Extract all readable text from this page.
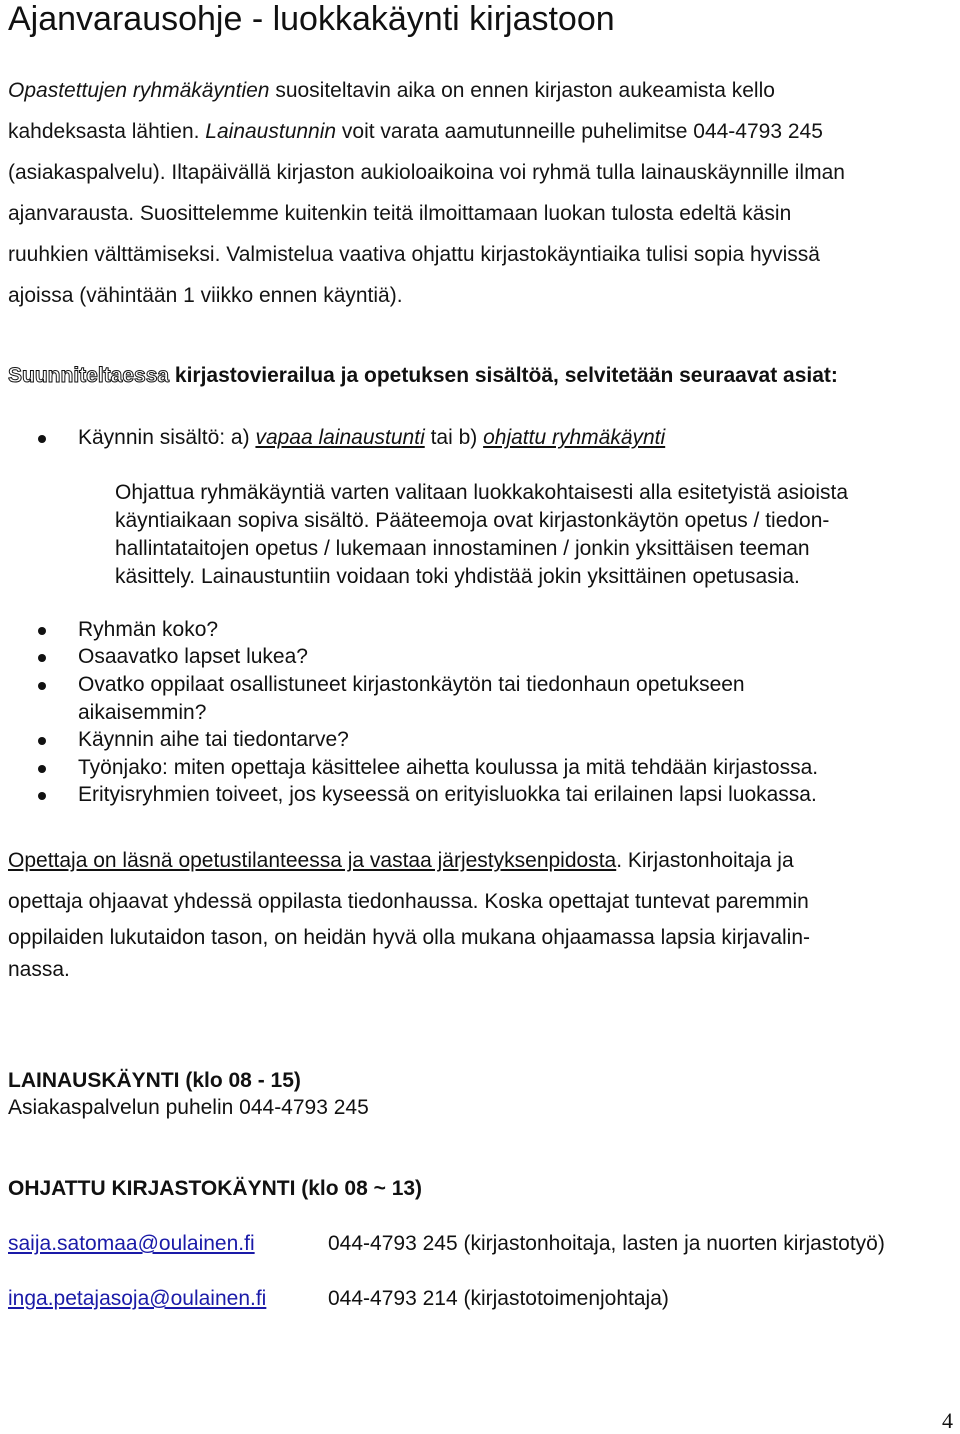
Ajanvarausohje - luokkakäynti kirjastoon
Opastettujen ryhmäkäyntien suositeltavin aika on ennen kirjaston aukeamista kello
kahdeksasta lähtien. Lainaustunnin voit varata aamutunneille puhelimitse 044-4793 245
(asiakaspalvelu). Iltapäivällä kirjaston aukioloaikoina voi ryhmä tulla lainauskäynnille ilman
ajanvarausta. Suosittelemme kuitenkin teitä ilmoittamaan luokan tulosta edeltä käsin
ruuhkien välttämiseksi. Valmistelua vaativa ohjattu kirjastokäyntiaika tulisi sopia hyvissä
ajoissa (vähintään 1 viikko ennen käyntiä).
Suunniteltaessa kirjastovierailua ja opetuksen sisältöä, selvitetään seuraavat asiat:
Käynnin sisältö: a) vapaa lainaustunti tai b) ohjattu ryhmäkäynti
Ohjattua ryhmäkäyntiä varten valitaan luokkakohtaisesti alla esitetyistä asioista
käyntiaikaan sopiva sisältö. Pääteemoja ovat kirjastonkäytön opetus / tiedon-
hallintataitojen opetus / lukemaan innostaminen / jonkin yksittäisen teeman
käsittely. Lainaustuntiin voidaan toki yhdistää jokin yksittäinen opetusasia.
Ryhmän koko?
Osaavatko lapset lukea?
Ovatko oppilaat osallistuneet kirjastonkäytön tai tiedonhaun opetukseen
aikaisemmin?
Käynnin aihe tai tiedontarve?
Työnjako: miten opettaja käsittelee aihetta koulussa ja mitä tehdään kirjastossa.
Erityisryhmien toiveet, jos kyseessä on erityisluokka tai erilainen lapsi luokassa.
Opettaja on läsnä opetustilanteessa ja vastaa järjestyksenpidosta. Kirjastonhoitaja ja
opettaja ohjaavat yhdessä oppilasta tiedonhaussa. Koska opettajat tuntevat paremmin
oppilaiden lukutaidon tason, on heidän hyvä olla mukana ohjaamassa lapsia kirjavalin-
nassa.
LAINAUSKÄYNTI (klo 08 - 15)
Asiakaspalvelun puhelin 044-4793 245
OHJATTU KIRJASTOKÄYNTI (klo 08 ~ 13)
saija.satomaa@oulainen.fi	044-4793 245 (kirjastonhoitaja, lasten ja nuorten kirjastotyö)
inga.petajasoja@oulainen.fi	044-4793 214 (kirjastotoimenjohtaja)
4
